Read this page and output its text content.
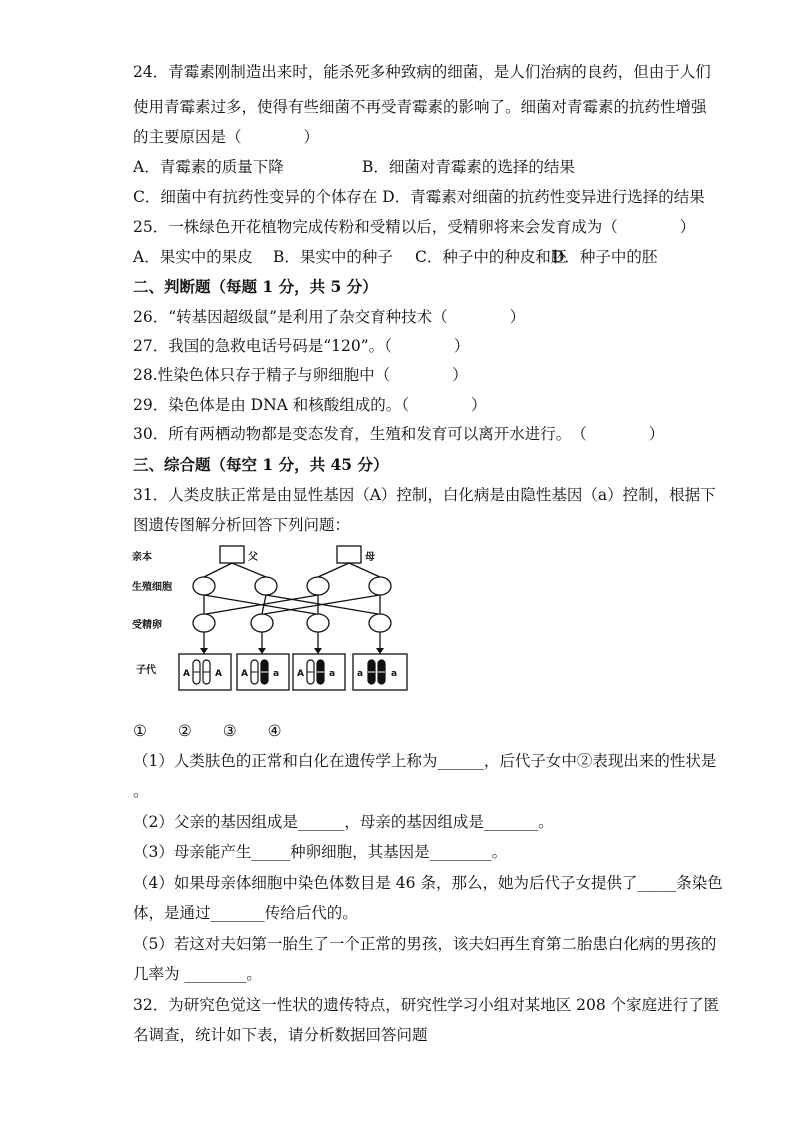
24．青霉素刚制造出来时，能杀死多种致病的细菌，是人们治病的良药，但由于人们
使用青霉素过多，使得有些细菌不再受青霉素的影响了。细菌对青霉素的抗药性增强
的主要原因是（　　　　）
A．青霉素的质量下降	B．细菌对青霉素的选择的结果
C．细菌中有抗药性变异的个体存在 D．青霉素对细菌的抗药性变异进行选择的结果
25．一株绿色开花植物完成传粉和受精以后，受精卵将来会发育成为（　　　　）
A．果实中的果皮 B．果实中的种子 C．种子中的种皮和胚
D．种子中的胚
二、判断题（每题 1 分，共 5 分）
26．“转基因超级鼠”是利用了杂交育种技术（　　　　）
27．我国的急救电话号码是“120”。（　　　　）
28.性染色体只存于精子与卵细胞中（　　　　）
29．染色体是由 DNA 和核酸组成的。（　　　　）
30．所有两栖动物都是变态发育，生殖和发育可以离开水进行。　（　　　　）
三、综合题（每空 1 分，共 45 分）
31．人类皮肤正常是由显性基因（A）控制，白化病是由隐性基因（a）控制，根据下
图遗传图解分析回答下列问题：
亲本	父	母
生殖细胞
受精卵
子代	A	A A	a A	a a	a
①　　②　　③　　④
（1）人类肤色的正常和白化在遗传学上称为______，后代子女中②表现出来的性状是
。
（2）父亲的基因组成是______，母亲的基因组成是_______。
（3）母亲能产生_____种卵细胞，其基因是________。
（4）如果母亲体细胞中染色体数目是 46 条，那么，她为后代子女提供了_____条染色
体，是通过_______传给后代的。
（5）若这对夫妇第一胎生了一个正常的男孩，该夫妇再生育第二胎患白化病的男孩的
几率为 ________。
32．为研究色觉这一性状的遗传特点，研究性学习小组对某地区 208 个家庭进行了匿
名调查，统计如下表，请分析数据回答问题
